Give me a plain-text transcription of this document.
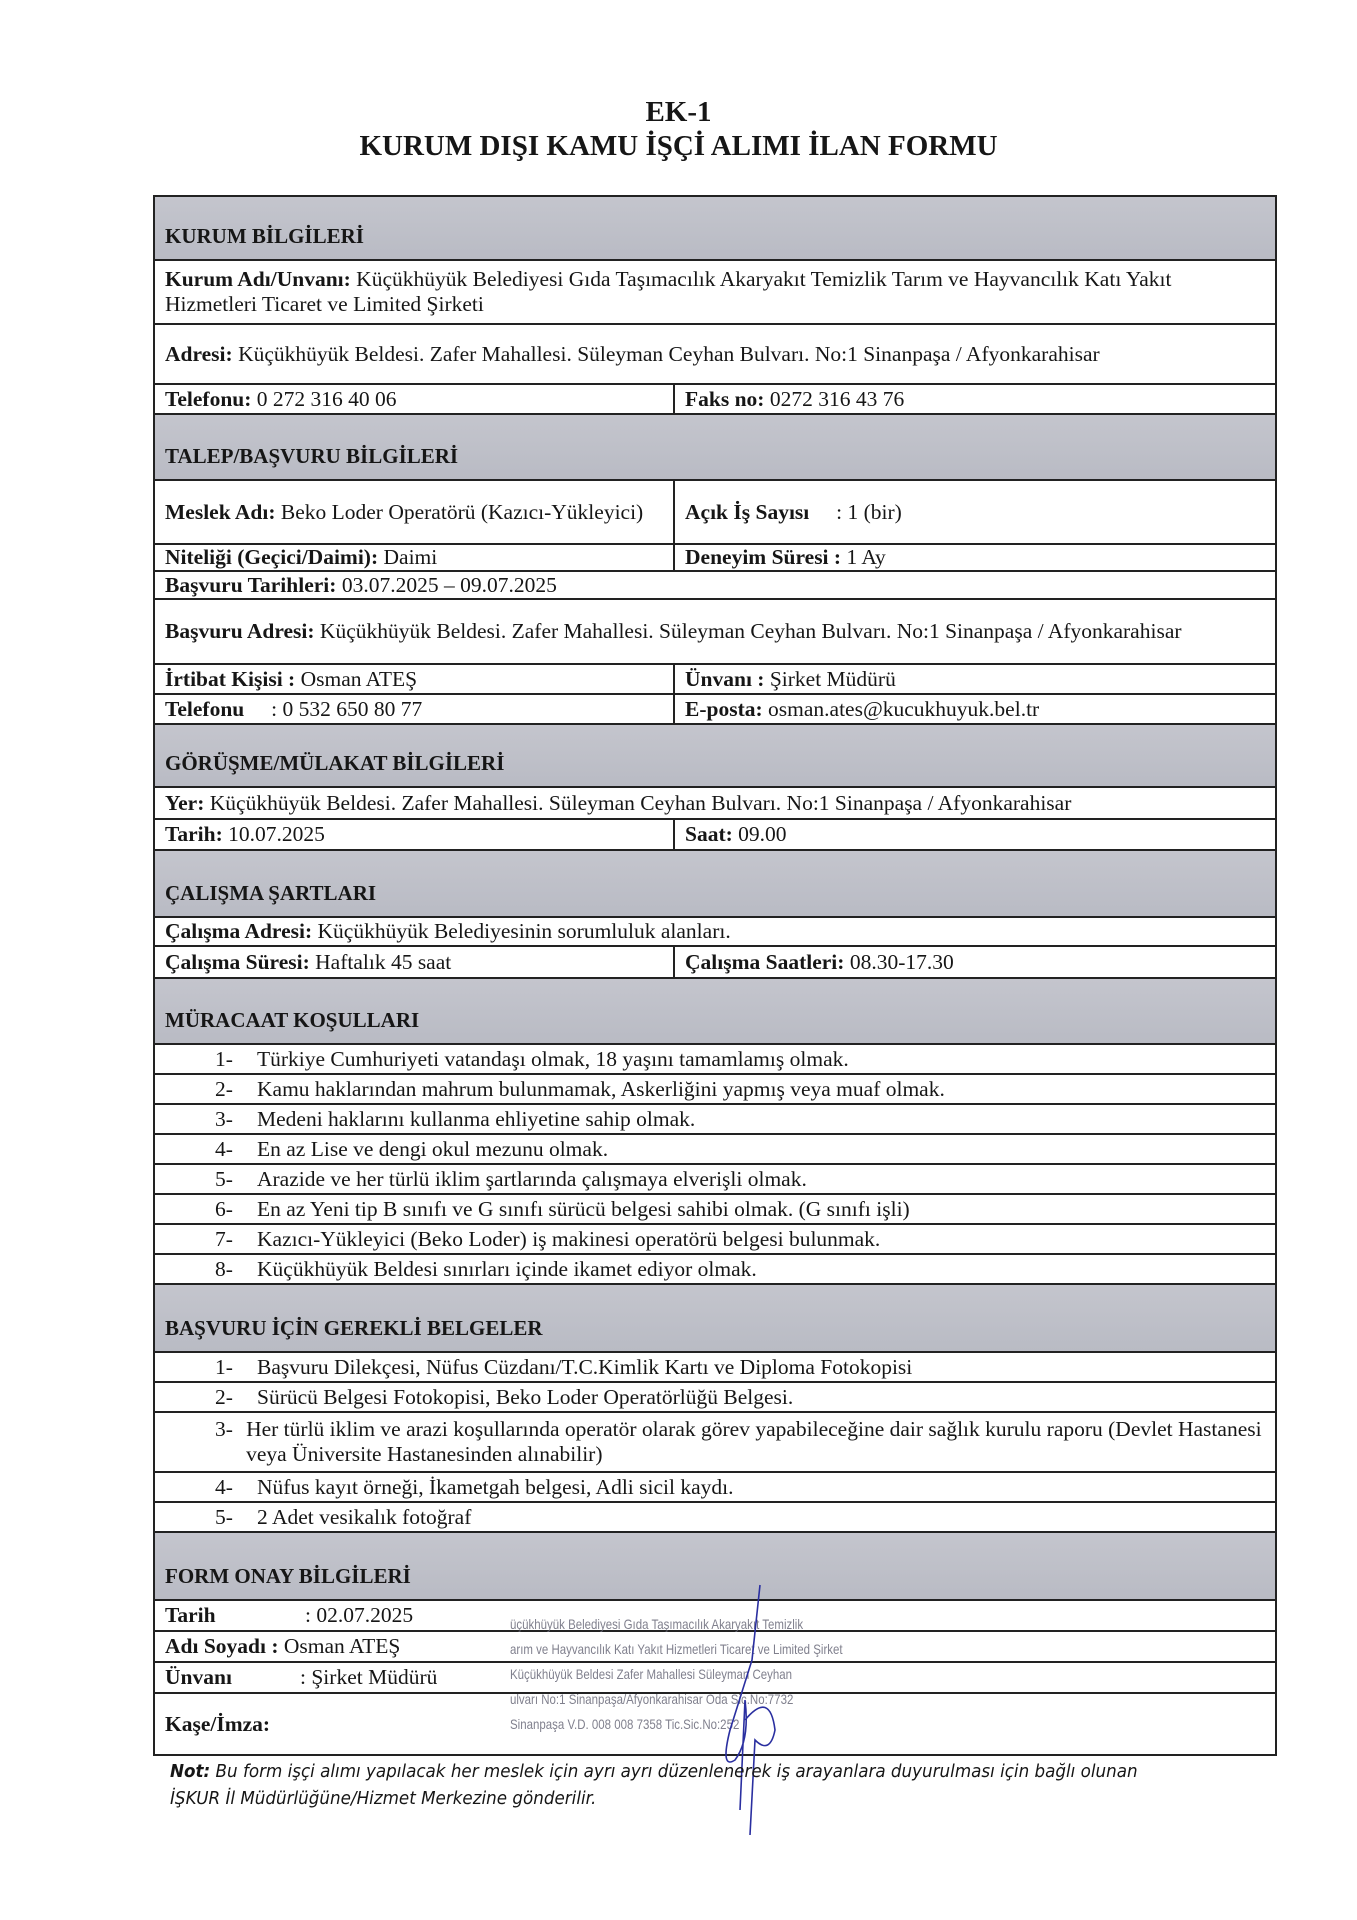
EK-1
KURUM DIŞI KAMU İŞÇİ ALIMI İLAN FORMU
KURUM BİLGİLERİ
Kurum Adı/Unvanı: Küçükhüyük Belediyesi Gıda Taşımacılık Akaryakıt Temizlik Tarım ve Hayvancılık Katı Yakıt Hizmetleri Ticaret ve Limited Şirketi
Adresi: Küçükhüyük Beldesi. Zafer Mahallesi. Süleyman Ceyhan Bulvarı. No:1 Sinanpaşa / Afyonkarahisar
Telefonu: 0 272 316 40 06	Faks no: 0272 316 43 76
TALEP/BAŞVURU BİLGİLERİ
Meslek Adı: Beko Loder Operatörü (Kazıcı-Yükleyici)	Açık İş Sayısı : 1 (bir)
Niteliği (Geçici/Daimi): Daimi	Deneyim Süresi : 1 Ay
Başvuru Tarihleri: 03.07.2025 – 09.07.2025
Başvuru Adresi: Küçükhüyük Beldesi. Zafer Mahallesi. Süleyman Ceyhan Bulvarı. No:1 Sinanpaşa / Afyonkarahisar
İrtibat Kişisi : Osman ATEŞ	Ünvanı : Şirket Müdürü
Telefonu : 0 532 650 80 77	E-posta: osman.ates@kucukhuyuk.bel.tr
GÖRÜŞME/MÜLAKAT BİLGİLERİ
Yer: Küçükhüyük Beldesi. Zafer Mahallesi. Süleyman Ceyhan Bulvarı. No:1 Sinanpaşa / Afyonkarahisar
Tarih: 10.07.2025	Saat: 09.00
ÇALIŞMA ŞARTLARI
Çalışma Adresi: Küçükhüyük Belediyesinin sorumluluk alanları.
Çalışma Süresi: Haftalık 45 saat	Çalışma Saatleri: 08.30-17.30
MÜRACAAT KOŞULLARI
1-	Türkiye Cumhuriyeti vatandaşı olmak, 18 yaşını tamamlamış olmak.
2-	Kamu haklarından mahrum bulunmamak, Askerliğini yapmış veya muaf olmak.
3-	Medeni haklarını kullanma ehliyetine sahip olmak.
4-	En az Lise ve dengi okul mezunu olmak.
5-	Arazide ve her türlü iklim şartlarında çalışmaya elverişli olmak.
6-	En az Yeni tip B sınıfı ve G sınıfı sürücü belgesi sahibi olmak. (G sınıfı işli)
7-	Kazıcı-Yükleyici (Beko Loder) iş makinesi operatörü belgesi bulunmak.
8-	Küçükhüyük Beldesi sınırları içinde ikamet ediyor olmak.
BAŞVURU İÇİN GEREKLİ BELGELER
1-	Başvuru Dilekçesi, Nüfus Cüzdanı/T.C.Kimlik Kartı ve Diploma Fotokopisi
2-	Sürücü Belgesi Fotokopisi, Beko Loder Operatörlüğü Belgesi.
3- Her türlü iklim ve arazi koşullarında operatör olarak görev yapabileceğine dair sağlık kurulu raporu (Devlet Hastanesi veya Üniversite Hastanesinden alınabilir)
4-	Nüfus kayıt örneği, İkametgah belgesi, Adli sicil kaydı.
5-	2 Adet vesikalık fotoğraf
FORM ONAY BİLGİLERİ
Tarih	: 02.07.2025
Adı Soyadı : Osman ATEŞ
Ünvanı	: Şirket Müdürü
Kaşe/İmza:
üçükhüyük Belediyesi Gıda Taşımacılık Akaryakıt Temizlik
arım ve Hayvancılık Katı Yakıt Hizmetleri Ticaret ve Limited Şirket
Küçükhüyük Beldesi Zafer Mahallesi Süleyman Ceyhan
ulvarı No:1 Sinanpaşa/Afyonkarahisar Oda Sic.No:7732
Sinanpaşa V.D. 008 008 7358 Tic.Sic.No:252
Not: Bu form işçi alımı yapılacak her meslek için ayrı ayrı düzenlenerek iş arayanlara duyurulması için bağlı olunan İŞKUR İl Müdürlüğüne/Hizmet Merkezine gönderilir.
